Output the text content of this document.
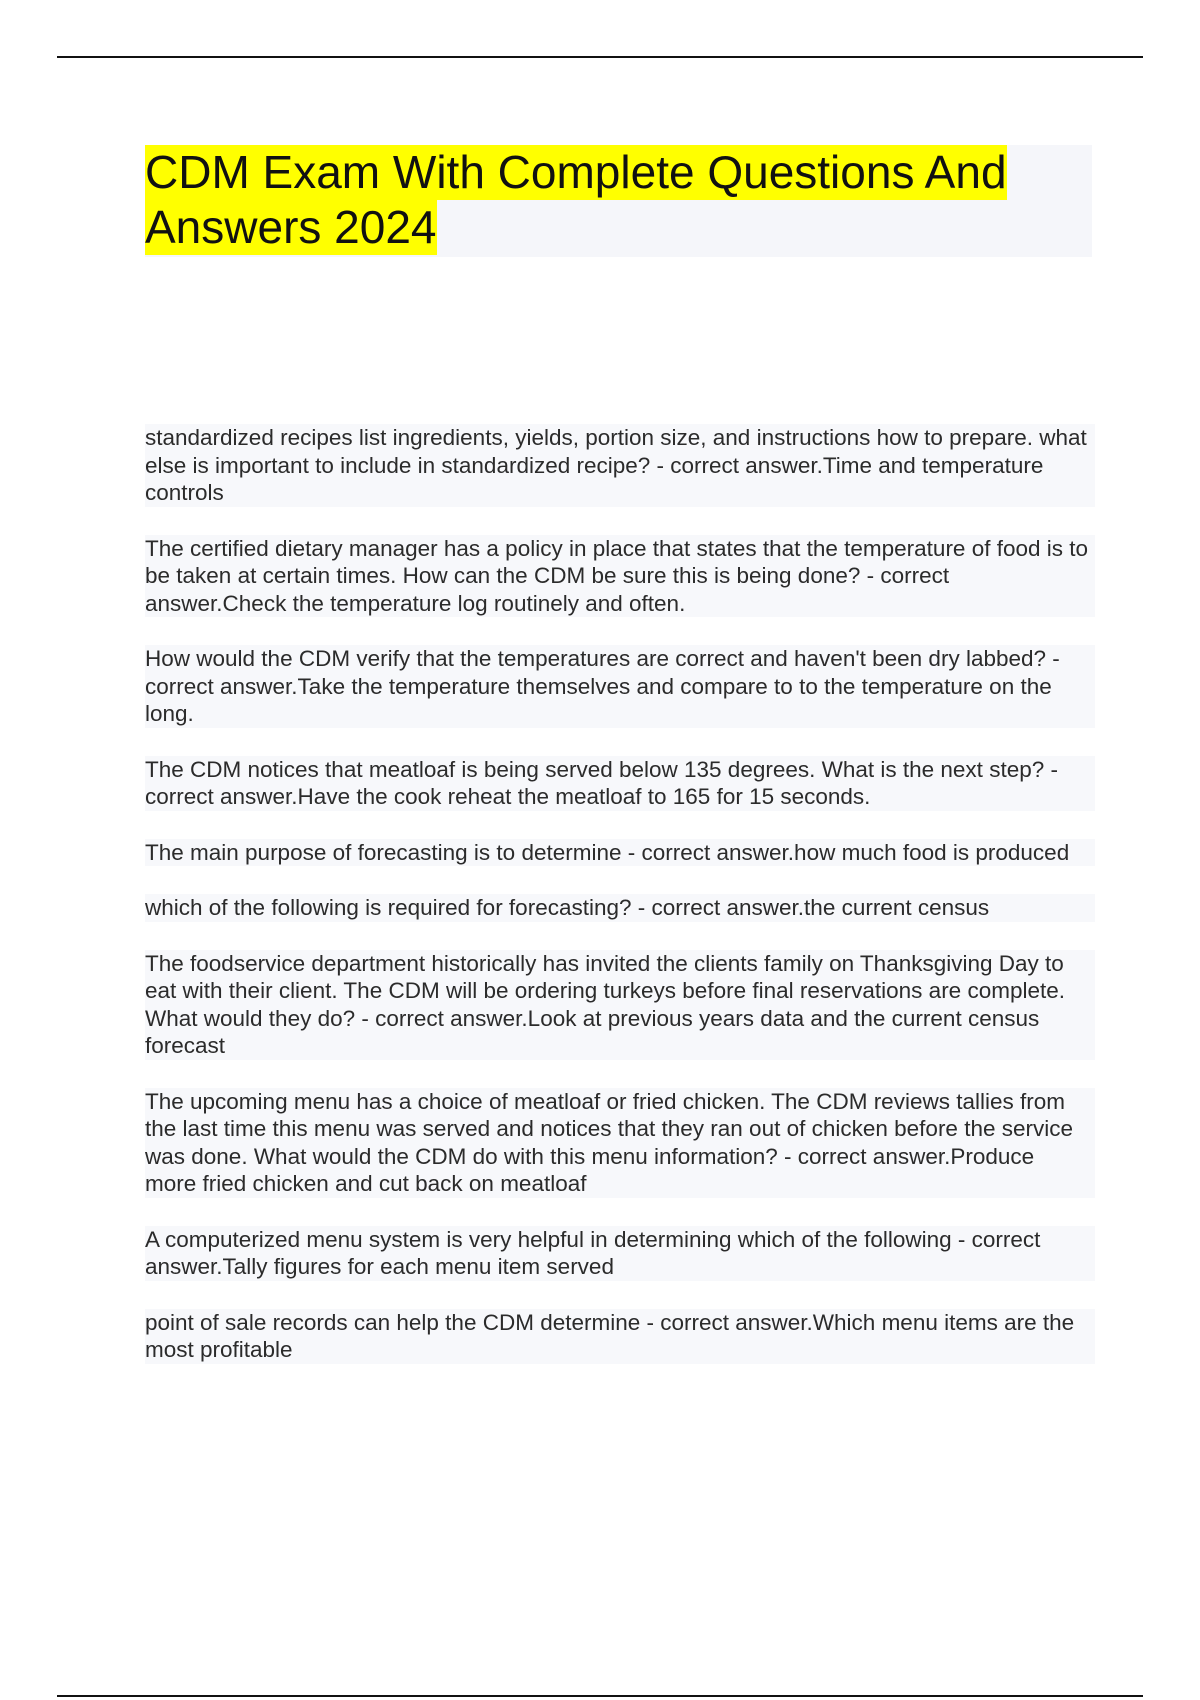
CDM Exam With Complete Questions And
Answers 2024
standardized recipes list ingredients, yields, portion size, and instructions how to prepare. what else is important to include in standardized recipe? - correct answer.Time and temperature controls
The certified dietary manager has a policy in place that states that the temperature of food is to be taken at certain times. How can the CDM be sure this is being done? - correct answer.Check the temperature log routinely and often.
How would the CDM verify that the temperatures are correct and haven't been dry labbed? - correct answer.Take the temperature themselves and compare to to the temperature on the long.
The CDM notices that meatloaf is being served below 135 degrees. What is the next step? - correct answer.Have the cook reheat the meatloaf to 165 for 15 seconds.
The main purpose of forecasting is to determine - correct answer.how much food is produced
which of the following is required for forecasting? - correct answer.the current census
The foodservice department historically has invited the clients family on Thanksgiving Day to eat with their client. The CDM will be ordering turkeys before final reservations are complete. What would they do? - correct answer.Look at previous years data and the current census forecast
The upcoming menu has a choice of meatloaf or fried chicken. The CDM reviews tallies from the last time this menu was served and notices that they ran out of chicken before the service was done. What would the CDM do with this menu information? - correct answer.Produce more fried chicken and cut back on meatloaf
A computerized menu system is very helpful in determining which of the following - correct answer.Tally figures for each menu item served
point of sale records can help the CDM determine - correct answer.Which menu items are the most profitable
